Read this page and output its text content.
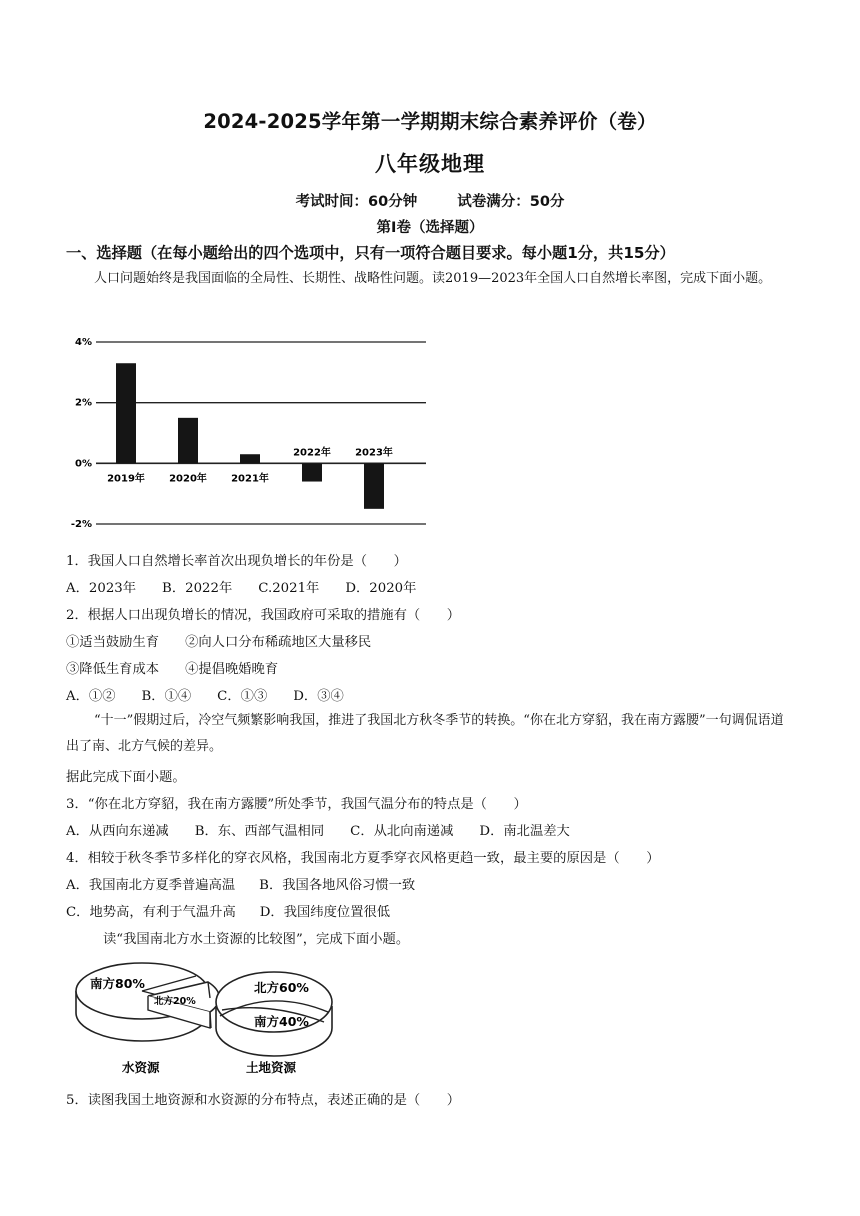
2024-2025学年第一学期期末综合素养评价（卷）
八年级地理
考试时间：60分钟	试卷满分：50分
第Ⅰ卷（选择题）
一、选择题（在每小题给出的四个选项中，只有一项符合题目要求。每小题1分，共15分）
人口问题始终是我国面临的全局性、长期性、战略性问题。读2019—2023年全国人口自然增长率图，完成下面小题。
4%
2%
0%
-2%
2019年 2020年 2021年
2022年 2023年
1．我国人口自然增长率首次出现负增长的年份是（　　）
A．2023年 B．2022年 C.2021年 D．2020年
2．根据人口出现负增长的情况，我国政府可采取的措施有（　　）
①适当鼓励生育 ②向人口分布稀疏地区大量移民
③降低生育成本 ④提倡晚婚晚育
A．①② B．①④ C．①③ D．③④
“十一”假期过后，冷空气频繁影响我国，推进了我国北方秋冬季节的转换。“你在北方穿貂，我在南方露腰”一句调侃语道出了南、北方气候的差异。
据此完成下面小题。
3．“你在北方穿貂，我在南方露腰”所处季节，我国气温分布的特点是（　　）
A．从西向东递减 B．东、西部气温相同 C．从北向南递减 D．南北温差大
4．相较于秋冬季节多样化的穿衣风格，我国南北方夏季穿衣风格更趋一致，最主要的原因是（　　）
A．我国南北方夏季普遍高温 B．我国各地风俗习惯一致
C．地势高，有利于气温升高 D．我国纬度位置很低
读“我国南北方水土资源的比较图”，完成下面小题。
南方80%
北方20%
水资源
北方60%
南方40%
土地资源
5．读图我国土地资源和水资源的分布特点，表述正确的是（　　）
